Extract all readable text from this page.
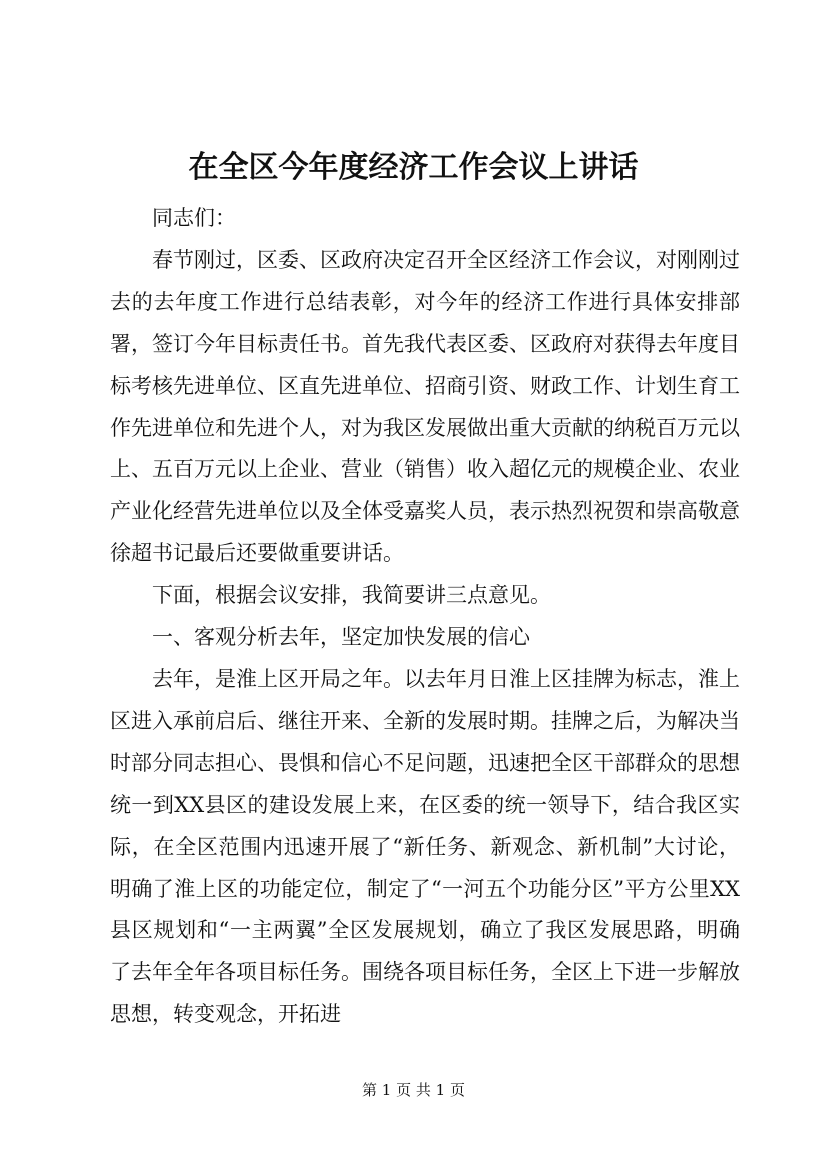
在全区今年度经济工作会议上讲话

同志们：

春节刚过，区委、区政府决定召开全区经济工作会议，对刚刚过去的去年度工作进行总结表彰，对今年的经济工作进行具体安排部署，签订今年目标责任书。首先我代表区委、区政府对获得去年度目标考核先进单位、区直先进单位、招商引资、财政工作、计划生育工作先进单位和先进个人，对为我区发展做出重大贡献的纳税百万元以上、五百万元以上企业、营业（销售）收入超亿元的规模企业、农业产业化经营先进单位以及全体受嘉奖人员，表示热烈祝贺和崇高敬意徐超书记最后还要做重要讲话。

下面，根据会议安排，我简要讲三点意见。

一、客观分析去年，坚定加快发展的信心

去年，是淮上区开局之年。以去年月日淮上区挂牌为标志，淮上区进入承前启后、继往开来、全新的发展时期。挂牌之后，为解决当时部分同志担心、畏惧和信心不足问题，迅速把全区干部群众的思想统一到XX县区的建设发展上来，在区委的统一领导下，结合我区实际，在全区范围内迅速开展了“新任务、新观念、新机制”大讨论，明确了淮上区的功能定位，制定了“一河五个功能分区”平方公里XX县区规划和“一主两翼”全区发展规划，确立了我区发展思路，明确了去年全年各项目标任务。围绕各项目标任务，全区上下进一步解放思想，转变观念，开拓进

第 1 页 共 1 页
